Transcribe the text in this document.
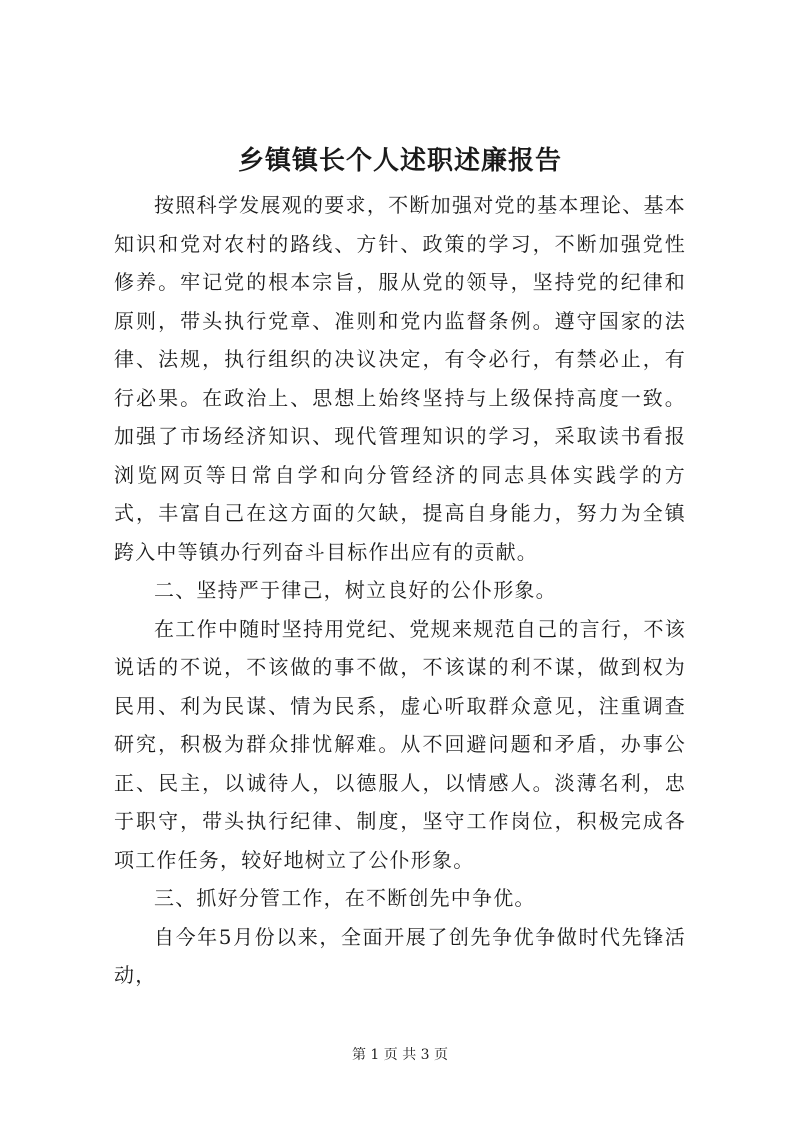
乡镇镇长个人述职述廉报告

按照科学发展观的要求，不断加强对党的基本理论、基本知识和党对农村的路线、方针、政策的学习，不断加强党性修养。牢记党的根本宗旨，服从党的领导，坚持党的纪律和原则，带头执行党章、准则和党内监督条例。遵守国家的法律、法规，执行组织的决议决定，有令必行，有禁必止，有行必果。在政治上、思想上始终坚持与上级保持高度一致。加强了市场经济知识、现代管理知识的学习，采取读书看报浏览网页等日常自学和向分管经济的同志具体实践学的方式，丰富自己在这方面的欠缺，提高自身能力，努力为全镇跨入中等镇办行列奋斗目标作出应有的贡献。

二、坚持严于律己，树立良好的公仆形象。

在工作中随时坚持用党纪、党规来规范自己的言行，不该说话的不说，不该做的事不做，不该谋的利不谋，做到权为民用、利为民谋、情为民系，虚心听取群众意见，注重调查研究，积极为群众排忧解难。从不回避问题和矛盾，办事公正、民主，以诚待人，以德服人，以情感人。淡薄名利，忠于职守，带头执行纪律、制度，坚守工作岗位，积极完成各项工作任务，较好地树立了公仆形象。

三、抓好分管工作，在不断创先中争优。

自今年5月份以来，全面开展了创先争优争做时代先锋活动，

第 1 页 共 3 页
